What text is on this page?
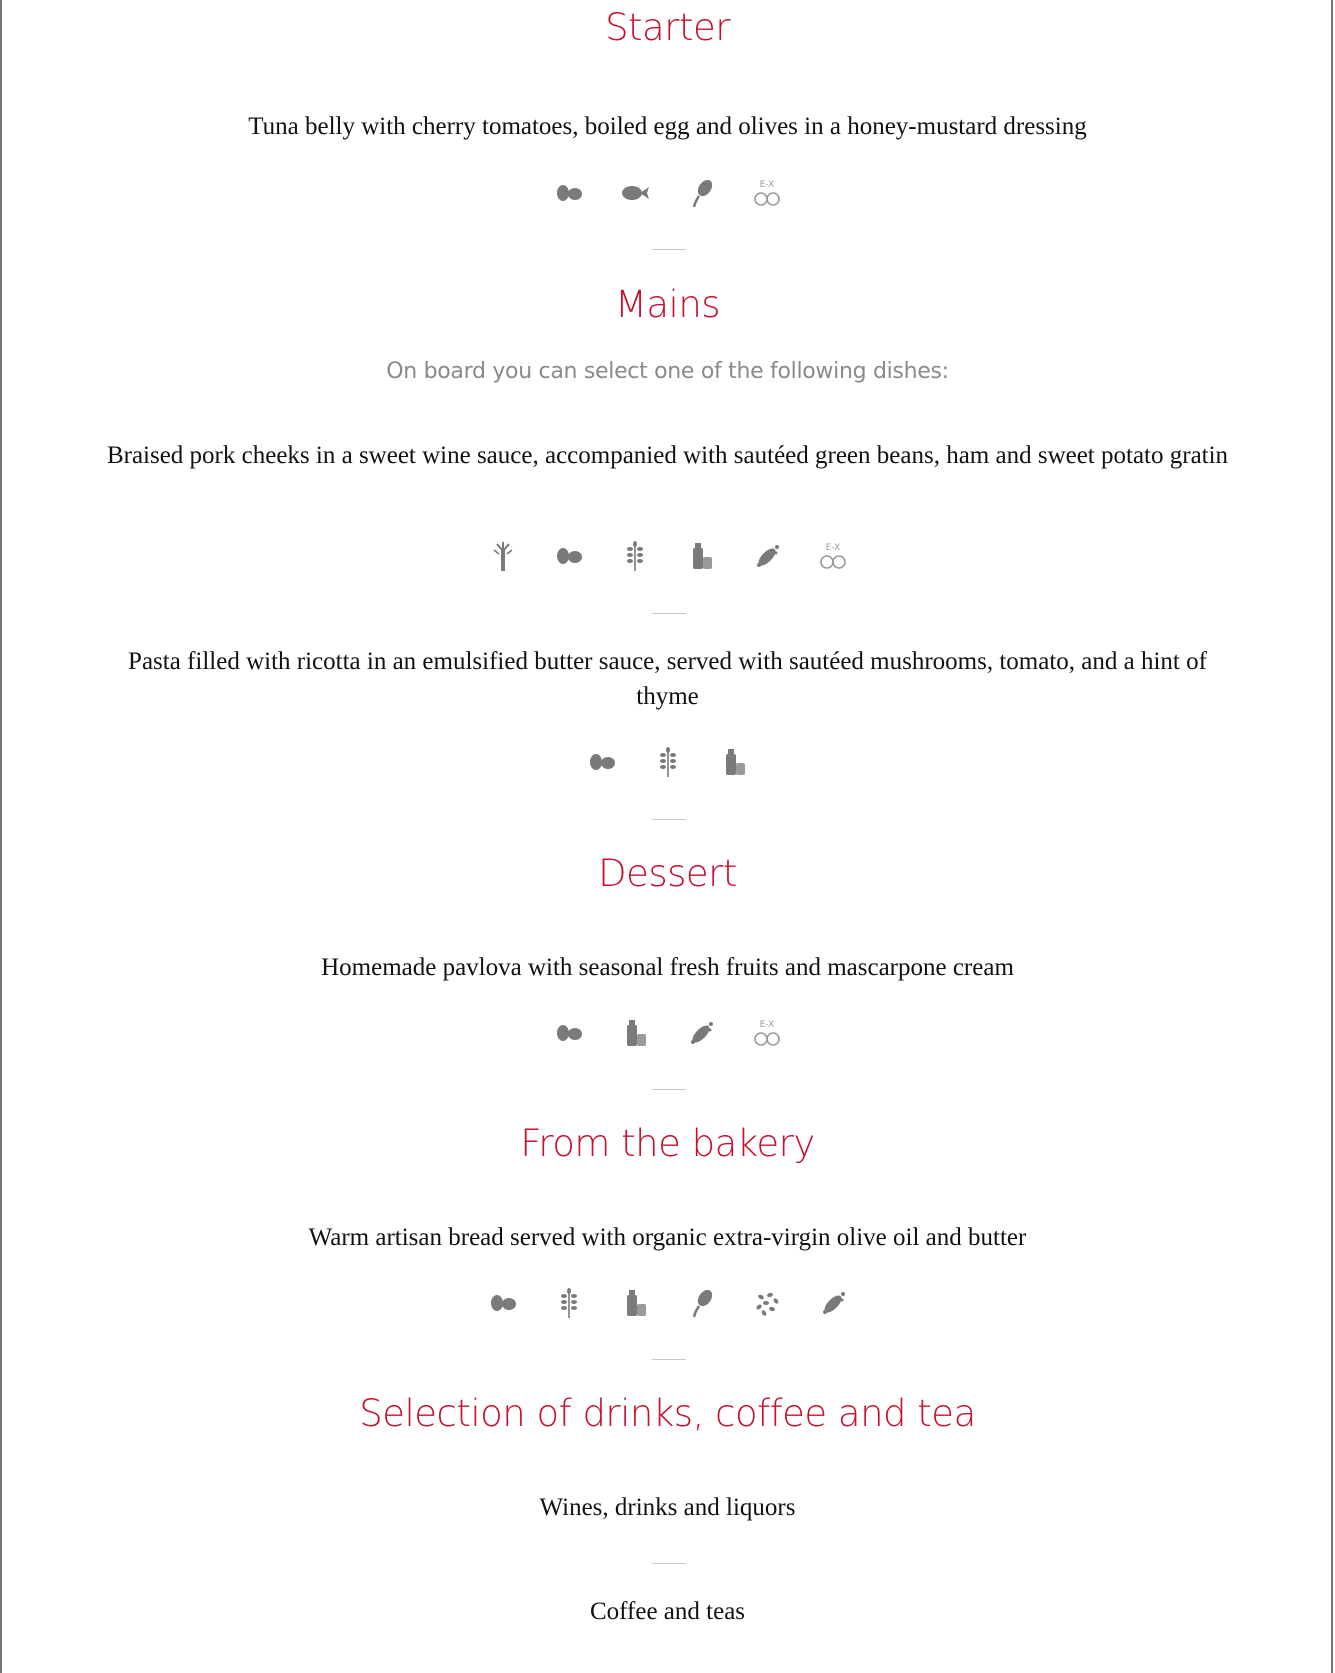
Starter
Tuna belly with cherry tomatoes, boiled egg and olives in a honey-mustard dressing
E-X
Mains
On board you can select one of the following dishes:
Braised pork cheeks in a sweet wine sauce, accompanied with sautéed green beans, ham and sweet potato gratin
E-X
Pasta filled with ricotta in an emulsified butter sauce, served with sautéed mushrooms, tomato, and a hint of thyme
Dessert
Homemade pavlova with seasonal fresh fruits and mascarpone cream
E-X
From the bakery
Warm artisan bread served with organic extra-virgin olive oil and butter
Selection of drinks, coffee and tea
Wines, drinks and liquors
Coffee and teas
